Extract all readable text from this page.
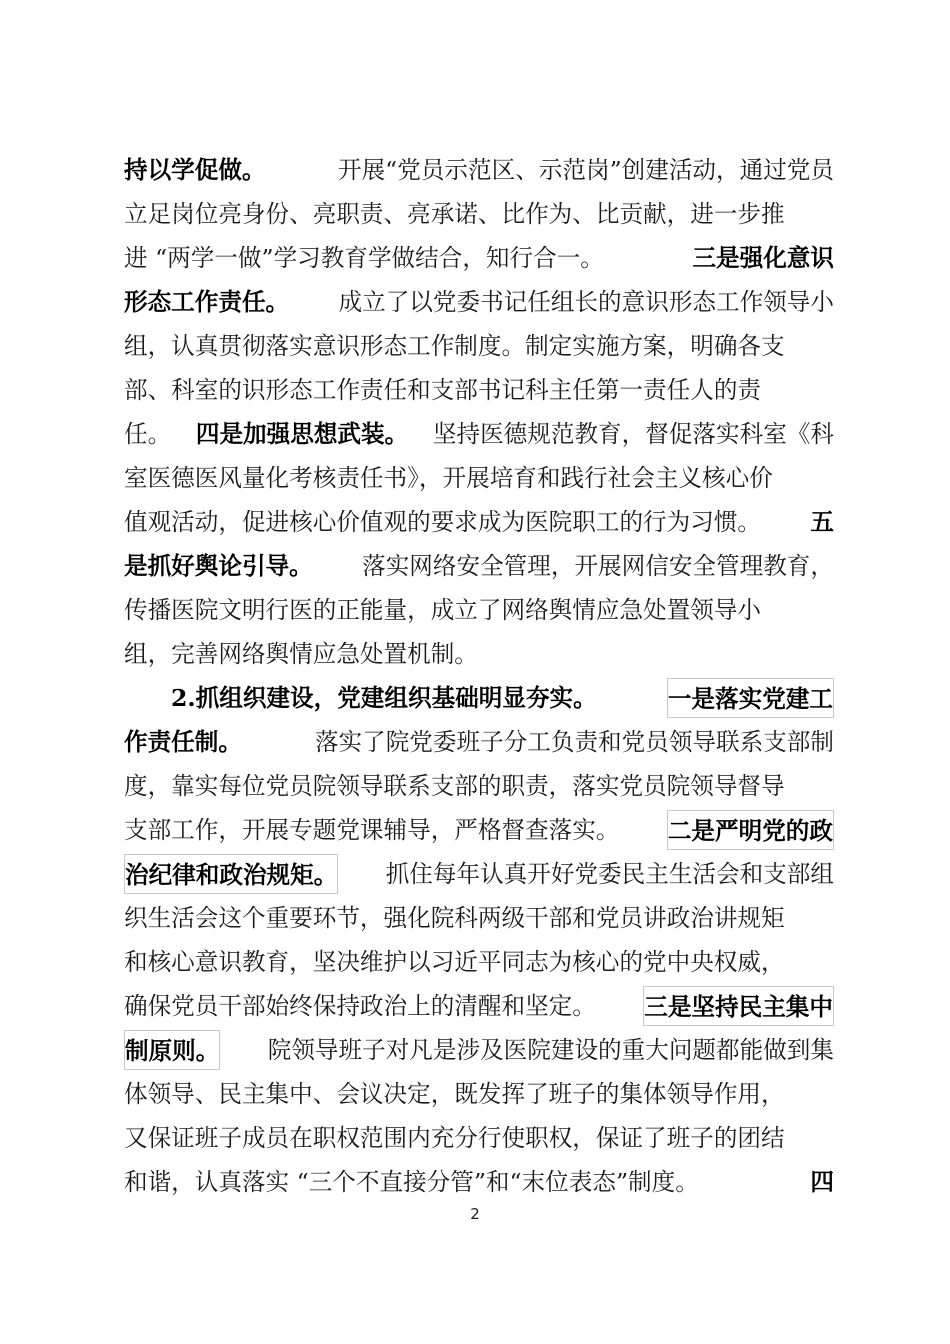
持以学促做。	开展“党员示范区、示范岗”创建活动，通过党员
立足岗位亮身份、亮职责、亮承诺、比作为、比贡献，进一步推
进 “两学一做”学习教育学做结合，知行合一。	三是强化意识
形态工作责任。 成立了以党委书记任组长的意识形态工作领导小
组，认真贯彻落实意识形态工作制度。制定实施方案，明确各支
部、科室的识形态工作责任和支部书记科主任第一责任人的责
任。 四是加强思想武装。 坚持医德规范教育，督促落实科室《科
室医德医风量化考核责任书》，开展培育和践行社会主义核心价
值观活动，促进核心价值观的要求成为医院职工的行为习惯。 五
是抓好舆论引导。 落实网络安全管理，开展网信安全管理教育，
传播医院文明行医的正能量，成立了网络舆情应急处置领导小
组，完善网络舆情应急处置机制。
2.抓组织建设，党建组织基础明显夯实。	一是落实党建工
作责任制。	落实了院党委班子分工负责和党员领导联系支部制
度，靠实每位党员院领导联系支部的职责，落实党员院领导督导
支部工作，开展专题党课辅导，严格督查落实。 二是严明党的政
治纪律和政治规矩。 抓住每年认真开好党委民主生活会和支部组
织生活会这个重要环节，强化院科两级干部和党员讲政治讲规矩
和核心意识教育，坚决维护以习近平同志为核心的党中央权威，
确保党员干部始终保持政治上的清醒和坚定。 三是坚持民主集中
制原则。 院领导班子对凡是涉及医院建设的重大问题都能做到集
体领导、民主集中、会议决定，既发挥了班子的集体领导作用，
又保证班子成员在职权范围内充分行使职权，保证了班子的团结
和谐，认真落实 “三个不直接分管”和“末位表态”制度。	四
2
